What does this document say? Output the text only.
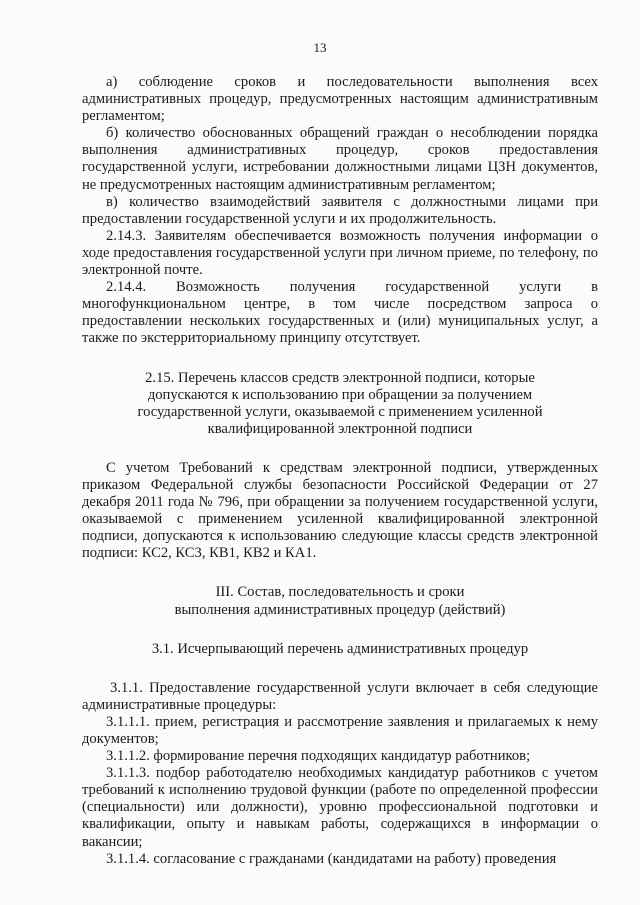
13

а) соблюдение сроков и последовательности выполнения всех административных процедур, предусмотренных настоящим административным регламентом;

б) количество обоснованных обращений граждан о несоблюдении порядка выполнения административных процедур, сроков предоставления государственной услуги, истребовании должностными лицами ЦЗН документов, не предусмотренных настоящим административным регламентом;

в) количество взаимодействий заявителя с должностными лицами при предоставлении государственной услуги и их продолжительность.

2.14.3. Заявителям обеспечивается возможность получения информации о ходе предоставления государственной услуги при личном приеме, по телефону, по электронной почте.

2.14.4. Возможность получения государственной услуги в многофункциональном центре, в том числе посредством запроса о предоставлении нескольких государственных и (или) муниципальных услуг, а также по экстерриториальному принципу отсутствует.

2.15. Перечень классов средств электронной подписи, которые допускаются к использованию при обращении за получением государственной услуги, оказываемой с применением усиленной квалифицированной электронной подписи

С учетом Требований к средствам электронной подписи, утвержденных приказом Федеральной службы безопасности Российской Федерации от 27 декабря 2011 года № 796, при обращении за получением государственной услуги, оказываемой с применением усиленной квалифицированной электронной подписи, допускаются к использованию следующие классы средств электронной подписи: КС2, КС3, КВ1, КВ2 и КА1.

III. Состав, последовательность и сроки

выполнения административных процедур (действий)

3.1. Исчерпывающий перечень административных процедур

3.1.1. Предоставление государственной услуги включает в себя следующие административные процедуры:

3.1.1.1. прием, регистрация и рассмотрение заявления и прилагаемых к нему документов;

3.1.1.2. формирование перечня подходящих кандидатур работников;

3.1.1.3. подбор работодателю необходимых кандидатур работников с учетом требований к исполнению трудовой функции (работе по определенной профессии (специальности) или должности), уровню профессиональной подготовки и квалификации, опыту и навыкам работы, содержащихся в информации о вакансии;

3.1.1.4. согласование с гражданами (кандидатами на работу) проведения
